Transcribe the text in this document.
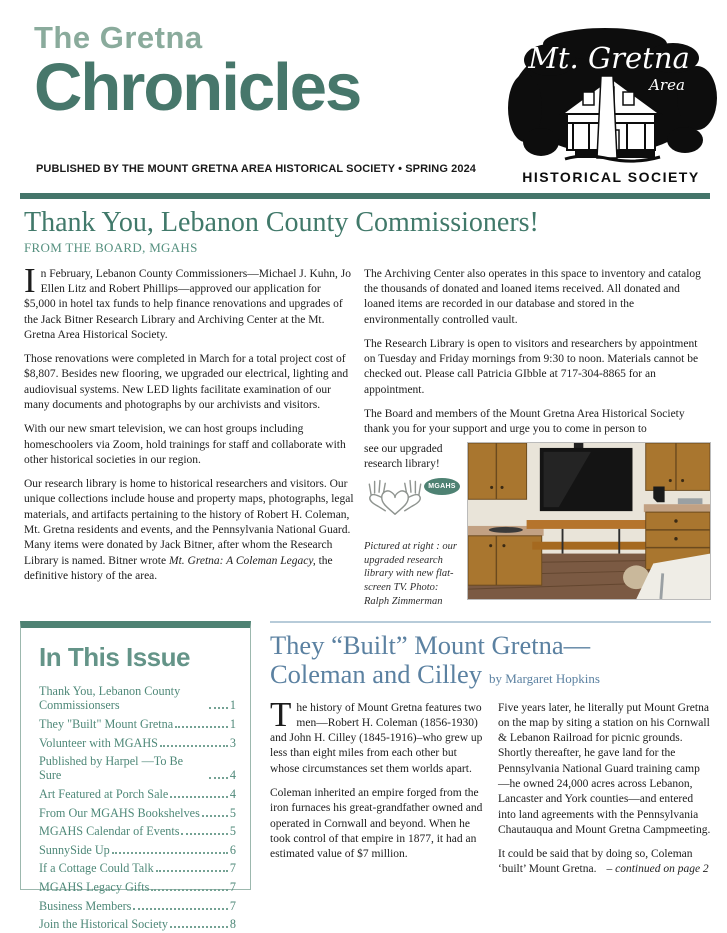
The Gretna
Chronicles
PUBLISHED BY THE MOUNT GRETNA AREA HISTORICAL SOCIETY • SPRING 2024
Mt. Gretna
Area
HISTORICAL SOCIETY
Thank You, Lebanon County Commissioners!
FROM THE BOARD, MGAHS

In February, Lebanon County Commissioners—Michael J. Kuhn, Jo Ellen Litz and Robert Phillips—approved our application for $5,000 in hotel tax funds to help finance renovations and upgrades of the Jack Bitner Research Library and Archiving Center at the Mt. Gretna Area Historical Society.

Those renovations were completed in March for a total project cost of $8,807. Besides new flooring, we upgraded our electrical, lighting and audiovisual systems. New LED lights facilitate examination of our many documents and photographs by our archivists and visitors.

With our new smart television, we can host groups including homeschoolers via Zoom, hold trainings for staff and collaborate with other historical societies in our region.

Our research library is home to historical researchers and visitors. Our unique collections include house and property maps, photographs, legal materials, and artifacts pertaining to the history of Robert H. Coleman, Mt. Gretna residents and events, and the Pennsylvania National Guard. Many items were donated by Jack Bitner, after whom the Research Library is named. Bitner wrote Mt. Gretna: A Coleman Legacy, the definitive history of the area.

The Archiving Center also operates in this space to inventory and catalog the thousands of donated and loaned items received. All donated and loaned items are recorded in our database and stored in the environmentally controlled vault.

The Research Library is open to visitors and researchers by appointment on Tuesday and Friday mornings from 9:30 to noon. Materials cannot be checked out. Please call Patricia GIbble at 717-304-8865 for an appointment.

The Board and members of the Mount Gretna Area Historical Society thank you for your support and urge you to come in person to

see our upgraded research library!
MGAHS
Pictured at right : our upgraded research library with new flat-screen TV. Photo: Ralph Zimmerman
In This Issue
Thank You, Lebanon County Commissionsers	1
They "Built" Mount Gretna	1
Volunteer with MGAHS	3
Published by Harpel —To Be Sure	4
Art Featured at Porch Sale	4
From Our MGAHS Bookshelves 5
MGAHS Calendar of Events	5
SunnySide Up	6
If a Cottage Could Talk	7
MGAHS Legacy Gifts	7
Business Members	7
Join the Historical Society	8
They “Built” Mount Gretna—
Coleman and Cilley by Margaret Hopkins

The history of Mount Gretna features two men—Robert H. Coleman (1856-1930) and John H. Cilley (1845-1916)–who grew up less than eight miles from each other but whose circumstances set them worlds apart.

Coleman inherited an empire forged from the iron furnaces his great-grandfather owned and operated in Cornwall and beyond. When he took control of that empire in 1877, it had an estimated value of $7 million.

Five years later, he literally put Mount Gretna on the map by siting a station on his Cornwall & Lebanon Railroad for picnic grounds. Shortly thereafter, he gave land for the Pennsylvania National Guard training camp—he owned 24,000 acres across Lebanon, Lancaster and York counties—and entered into land agreements with the Pennsylvania Chautauqua and Mount Gretna Campmeeting.

It could be said that by doing so, Coleman ‘built’ Mount Gretna. – continued on page 2
